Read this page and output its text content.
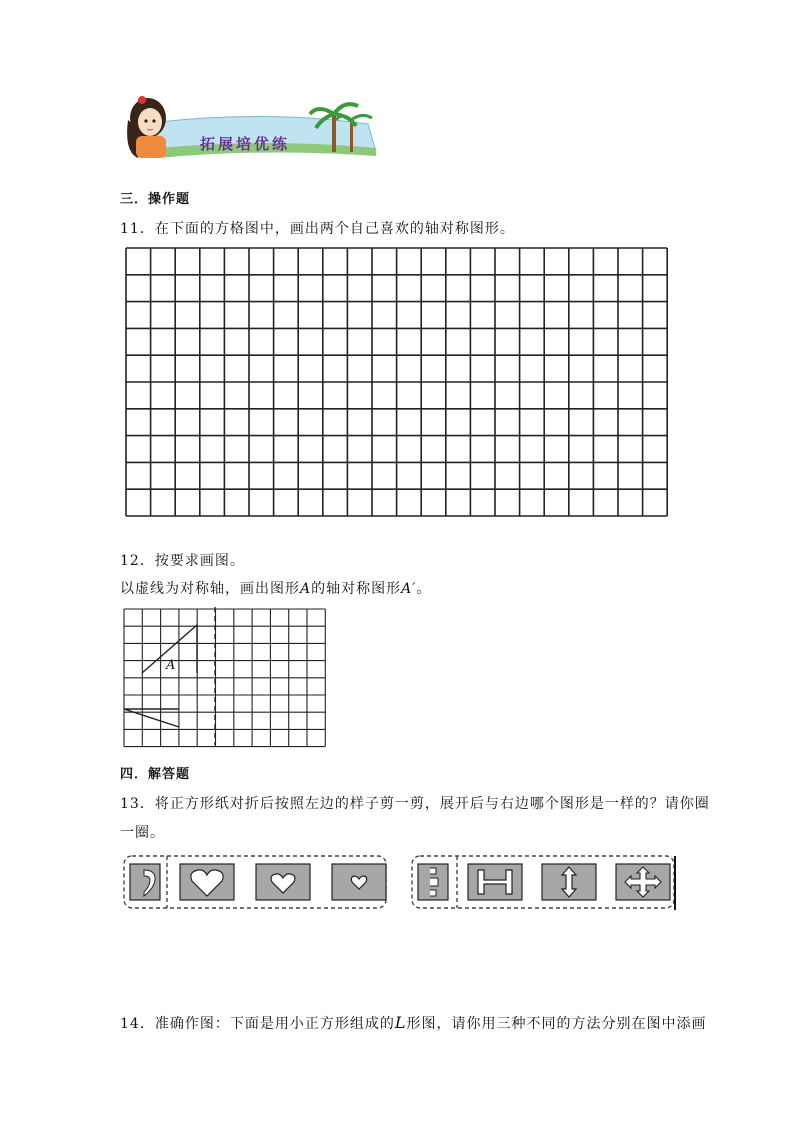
拓展培优练
三．操作题
11．在下面的方格图中，画出两个自己喜欢的轴对称图形。
12．按要求画图。
以虚线为对称轴，画出图形A的轴对称图形A′。
A
四．解答题
13．将正方形纸对折后按照左边的样子剪一剪，展开后与右边哪个图形是一样的？请你圈
一圈。
14．准确作图：下面是用小正方形组成的L形图，请你用三种不同的方法分别在图中添画
